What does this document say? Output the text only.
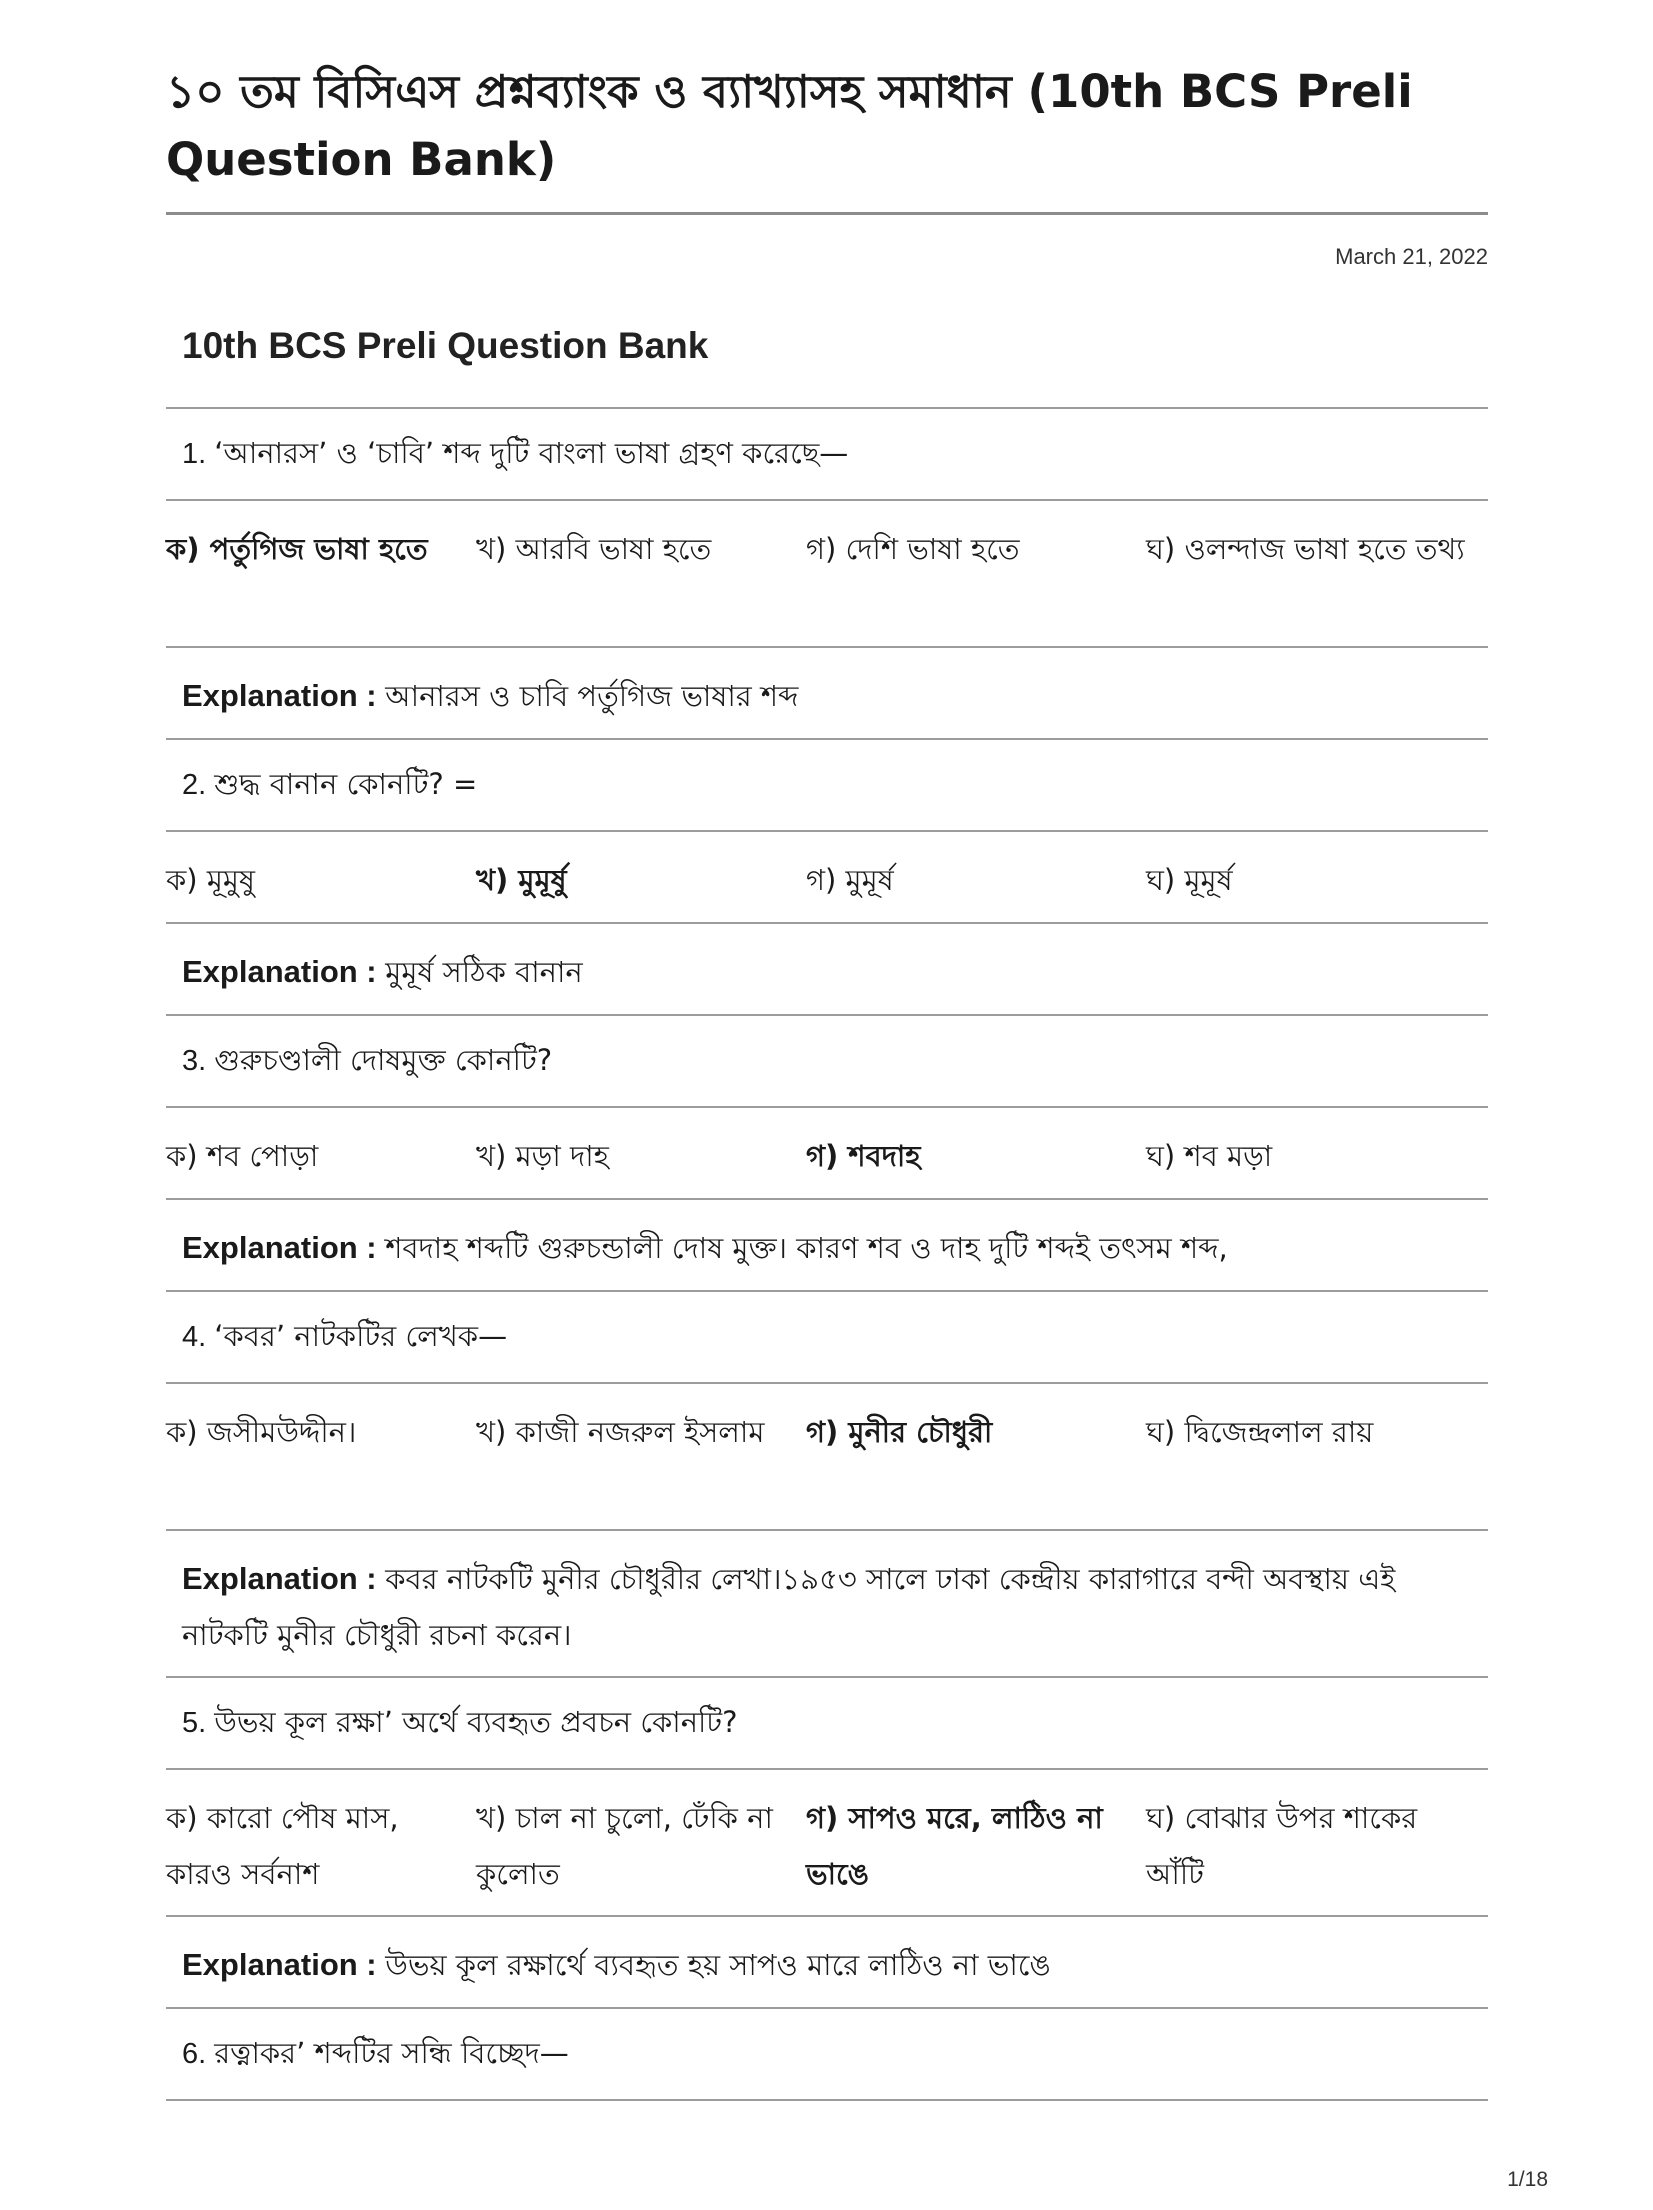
১০ তম বিসিএস প্রশ্নব্যাংক ও ব্যাখ্যাসহ সমাধান (10th BCS Preli Question Bank)
March 21, 2022
10th BCS Preli Question Bank
1. ‘আনারস’ ও ‘চাবি’ শব্দ দুটি বাংলা ভাষা গ্রহণ করেছে—
ক) পর্তুগিজ ভাষা হতে	খ) আরবি ভাষা হতে	গ) দেশি ভাষা হতে	ঘ) ওলন্দাজ ভাষা হতে তথ্য
Explanation : আনারস ও চাবি পর্তুগিজ ভাষার শব্দ
2. শুদ্ধ বানান কোনটি? =
ক) মূমুষু	খ) মুমূর্ষু	গ) মুমূর্ষ	ঘ) মূমূর্ষ
Explanation : মুমূর্ষ সঠিক বানান
3. গুরুচণ্ডালী দোষমুক্ত কোনটি?
ক) শব পোড়া	খ) মড়া দাহ	গ) শবদাহ	ঘ) শব মড়া
Explanation : শবদাহ শব্দটি গুরুচন্ডালী দোষ মুক্ত। কারণ শব ও দাহ দুটি শব্দই তৎসম শব্দ,
4. ‘কবর’ নাটকটির লেখক—
ক) জসীমউদ্দীন।	খ) কাজী নজরুল ইসলাম	গ) মুনীর চৌধুরী	ঘ) দ্বিজেন্দ্রলাল রায়
Explanation : কবর নাটকটি মুনীর চৌধুরীর লেখা।১৯৫৩ সালে ঢাকা কেন্দ্রীয় কারাগারে বন্দী অবস্থায় এই নাটকটি মুনীর চৌধুরী রচনা করেন।
5. উভয় কূল রক্ষা’ অর্থে ব্যবহৃত প্রবচন কোনটি?
ক) কারো পৌষ মাস, কারও সর্বনাশ
খ) চাল না চুলো, ঢেঁকি না কুলোত
গ) সাপও মরে, লাঠিও না ভাঙে
ঘ) বোঝার উপর শাকের আঁটি
Explanation : উভয় কূল রক্ষার্থে ব্যবহৃত হয় সাপও মারে লাঠিও না ভাঙে
6. রত্নাকর’ শব্দটির সন্ধি বিচ্ছেদ—
1/18
